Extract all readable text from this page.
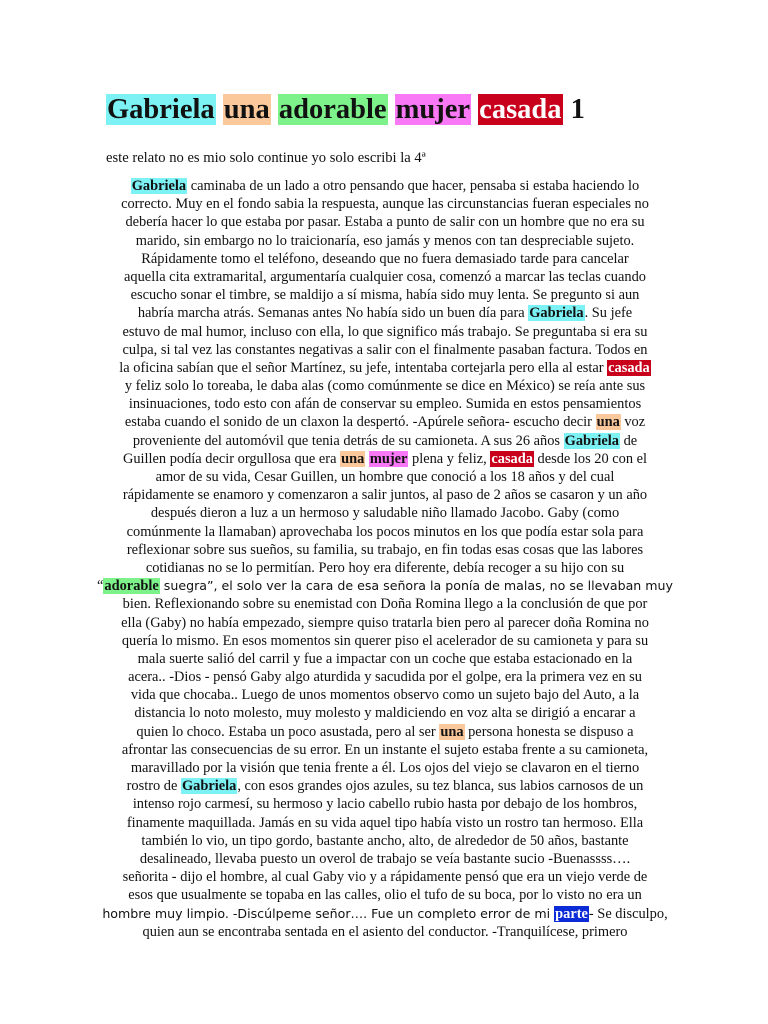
Gabriela una adorable mujer casada 1

este relato no es mio solo continue yo solo escribi la 4ª

Gabriela caminaba de un lado a otro pensando que hacer, pensaba si estaba haciendo lo
correcto. Muy en el fondo sabia la respuesta, aunque las circunstancias fueran especiales no
debería hacer lo que estaba por pasar. Estaba a punto de salir con un hombre que no era su
marido, sin embargo no lo traicionaría, eso jamás y menos con tan despreciable sujeto.
Rápidamente tomo el teléfono, deseando que no fuera demasiado tarde para cancelar
aquella cita extramarital, argumentaría cualquier cosa, comenzó a marcar las teclas cuando
escucho sonar el timbre, se maldijo a sí misma, había sido muy lenta. Se pregunto si aun
habría marcha atrás. Semanas antes No había sido un buen día para Gabriela. Su jefe
estuvo de mal humor, incluso con ella, lo que significo más trabajo. Se preguntaba si era su
culpa, si tal vez las constantes negativas a salir con el finalmente pasaban factura. Todos en
la oficina sabían que el señor Martínez, su jefe, intentaba cortejarla pero ella al estar casada
y feliz solo lo toreaba, le daba alas (como comúnmente se dice en México) se reía ante sus
insinuaciones, todo esto con afán de conservar su empleo. Sumida en estos pensamientos
estaba cuando el sonido de un claxon la despertó. -Apúrele señora- escucho decir una voz
proveniente del automóvil que tenia detrás de su camioneta. A sus 26 años Gabriela de
Guillen podía decir orgullosa que era una mujer plena y feliz, casada desde los 20 con el
amor de su vida, Cesar Guillen, un hombre que conoció a los 18 años y del cual
rápidamente se enamoro y comenzaron a salir juntos, al paso de 2 años se casaron y un año
después dieron a luz a un hermoso y saludable niño llamado Jacobo. Gaby (como
comúnmente la llamaban) aprovechaba los pocos minutos en los que podía estar sola para
reflexionar sobre sus sueños, su familia, su trabajo, en fin todas esas cosas que las labores
cotidianas no se lo permitían. Pero hoy era diferente, debía recoger a su hijo con su
“adorable suegra”, el solo ver la cara de esa señora la ponía de malas, no se llevaban muy
bien. Reflexionando sobre su enemistad con Doña Romina llego a la conclusión de que por
ella (Gaby) no había empezado, siempre quiso tratarla bien pero al parecer doña Romina no
quería lo mismo. En esos momentos sin querer piso el acelerador de su camioneta y para su
mala suerte salió del carril y fue a impactar con un coche que estaba estacionado en la
acera.. -Dios - pensó Gaby algo aturdida y sacudida por el golpe, era la primera vez en su
vida que chocaba.. Luego de unos momentos observo como un sujeto bajo del Auto, a la
distancia lo noto molesto, muy molesto y maldiciendo en voz alta se dirigió a encarar a
quien lo choco. Estaba un poco asustada, pero al ser una persona honesta se dispuso a
afrontar las consecuencias de su error. En un instante el sujeto estaba frente a su camioneta,
maravillado por la visión que tenia frente a él. Los ojos del viejo se clavaron en el tierno
rostro de Gabriela, con esos grandes ojos azules, su tez blanca, sus labios carnosos de un
intenso rojo carmesí, su hermoso y lacio cabello rubio hasta por debajo de los hombros,
finamente maquillada. Jamás en su vida aquel tipo había visto un rostro tan hermoso. Ella
también lo vio, un tipo gordo, bastante ancho, alto, de alrededor de 50 años, bastante
desalineado, llevaba puesto un overol de trabajo se veía bastante sucio -Buenassss….
señorita - dijo el hombre, al cual Gaby vio y a rápidamente pensó que era un viejo verde de
esos que usualmente se topaba en las calles, olio el tufo de su boca, por lo visto no era un
hombre muy limpio. -Discúlpeme señor…. Fue un completo error de mi parte- Se disculpo,
quien aun se encontraba sentada en el asiento del conductor. -Tranquilícese, primero
